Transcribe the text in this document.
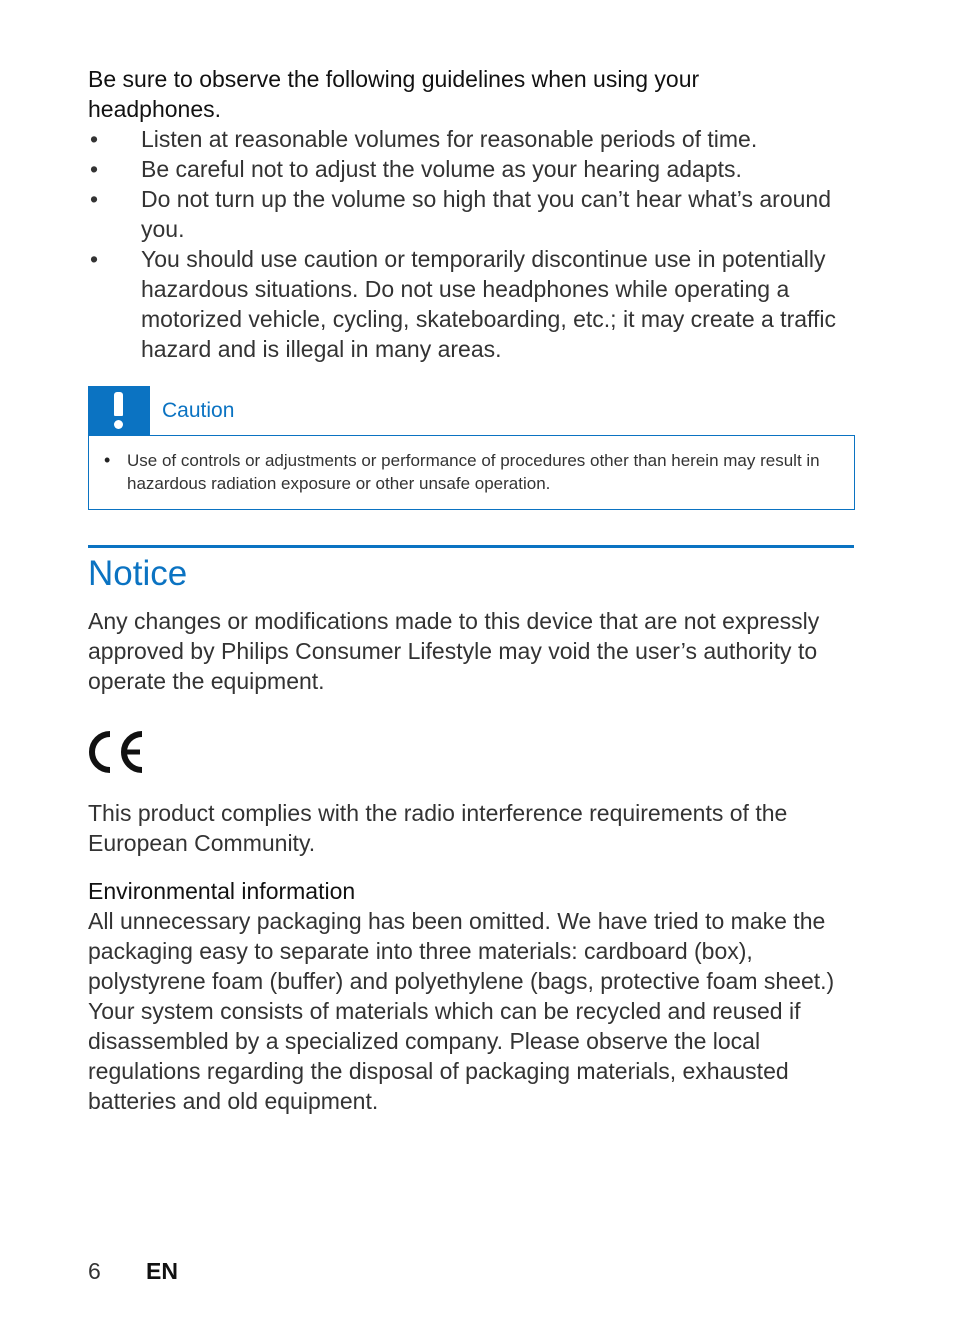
Be sure to observe the following guidelines when using your headphones.
• Listen at reasonable volumes for reasonable periods of time.
• Be careful not to adjust the volume as your hearing adapts.
• Do not turn up the volume so high that you can’t hear what’s around you.
• You should use caution or temporarily discontinue use in potentially hazardous situations. Do not use headphones while operating a motorized vehicle, cycling, skateboarding, etc.; it may create a traffic hazard and is illegal in many areas.
Caution
• Use of controls or adjustments or performance of procedures other than herein may result in hazardous radiation exposure or other unsafe operation.
Notice
Any changes or modifications made to this device that are not expressly approved by Philips Consumer Lifestyle may void the user’s authority to operate the equipment.
This product complies with the radio interference requirements of the European Community.
Environmental information
All unnecessary packaging has been omitted. We have tried to make the packaging easy to separate into three materials: cardboard (box), polystyrene foam (buffer) and polyethylene (bags, protective foam sheet.) Your system consists of materials which can be recycled and reused if disassembled by a specialized company. Please observe the local regulations regarding the disposal of packaging materials, exhausted batteries and old equipment.
6 EN
